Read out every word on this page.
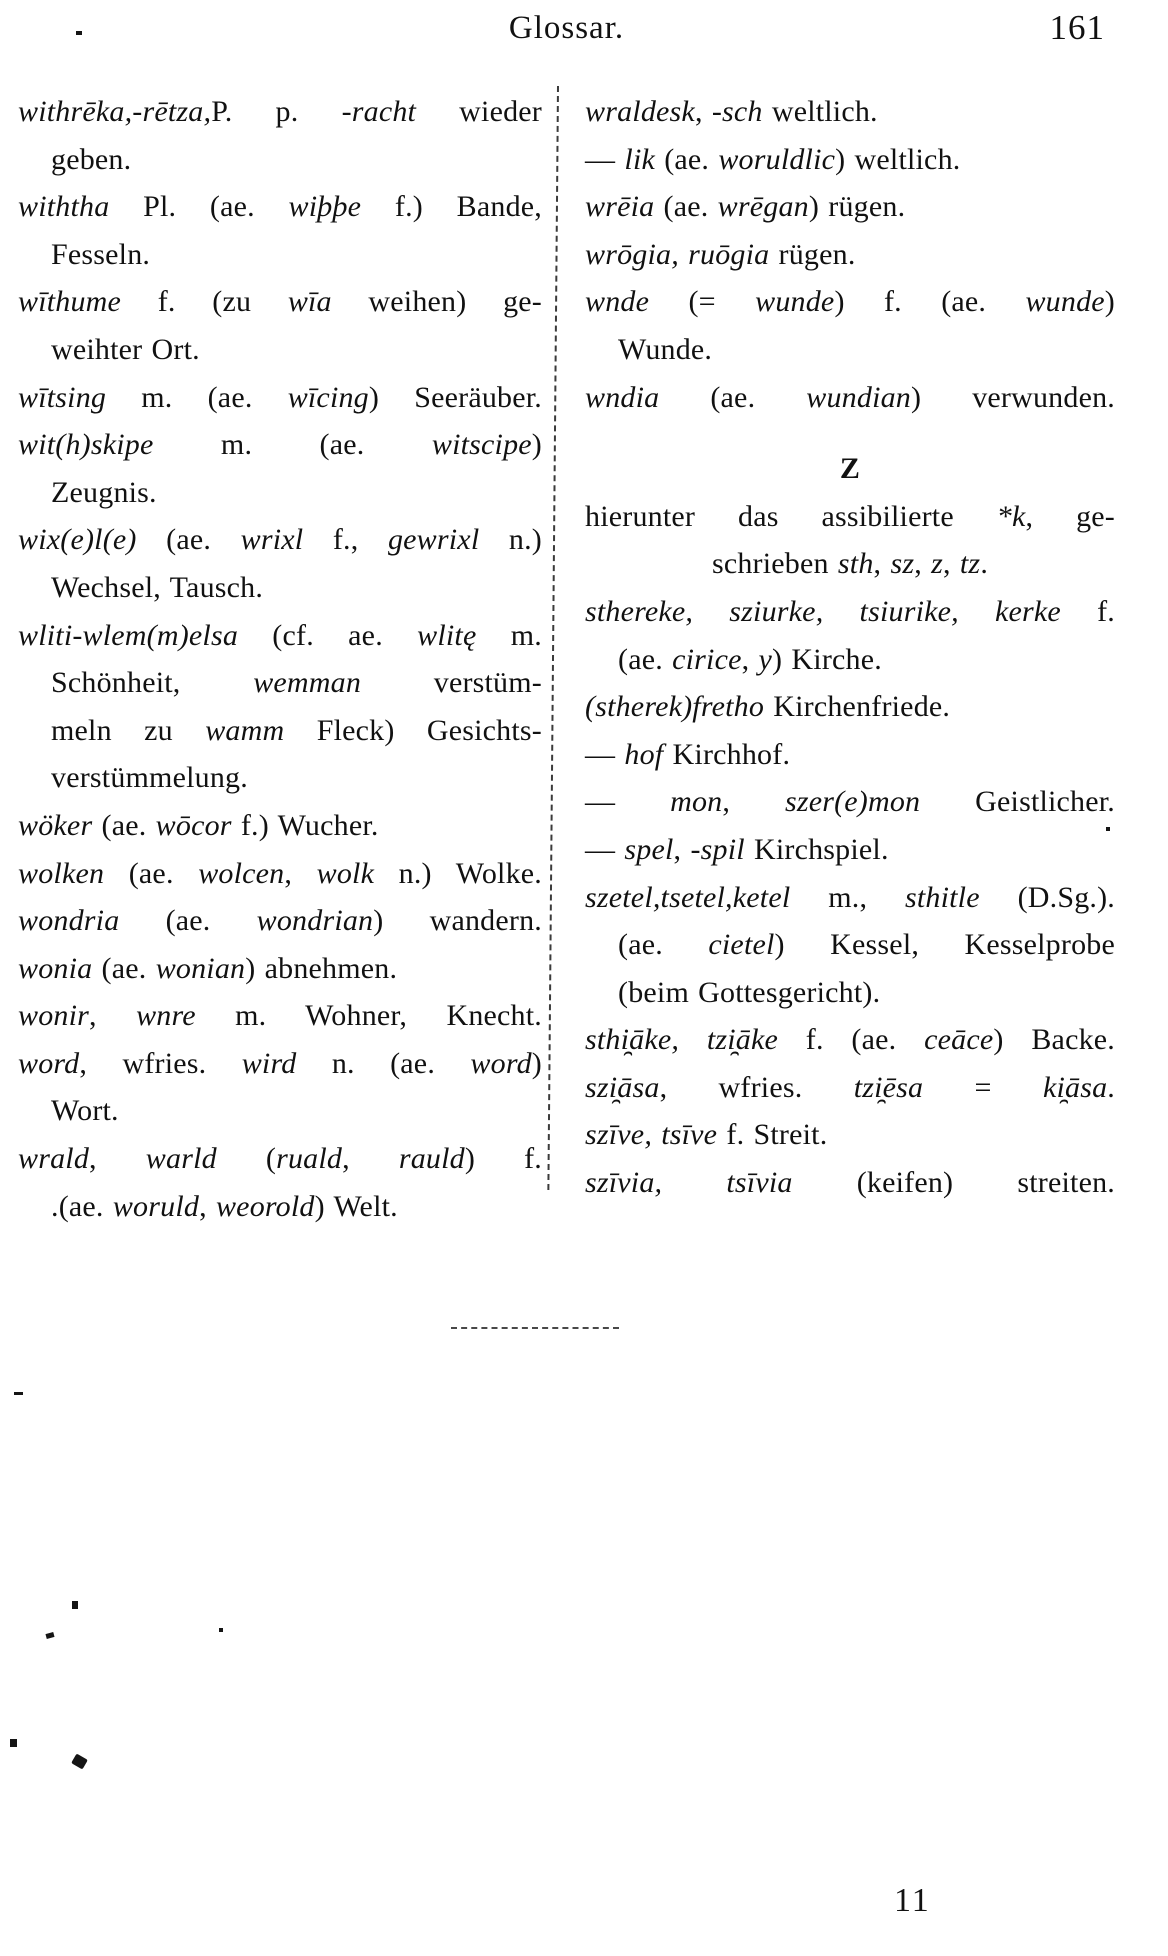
Glossar.	161
withrēka,-rētza,P. p. -racht wieder
geben.
withtha Pl. (ae. wiþþe f.) Bande,
Fesseln.
wīthume f. (zu wīa weihen) ge-
weihter Ort.
wītsing m. (ae. wīcing) Seeräuber.
wit(h)skipe m. (ae. witscipe)
Zeugnis.
wix(e)l(e) (ae. wrixl f., gewrixl n.)
Wechsel, Tausch.
wliti-wlem(m)elsa (cf. ae. wlitę m.
Schönheit, wemman verstüm-
meln zu wamm Fleck) Gesichts-
verstümmelung.
wöker (ae. wōcor f.) Wucher.
wolken (ae. wolcen, wolk n.) Wolke.
wondria (ae. wondrian) wandern.
wonia (ae. wonian) abnehmen.
wonir, wnre m. Wohner, Knecht.
word, wfries. wird n. (ae. word)
Wort.
wrald, warld (ruald, rauld) f.
.(ae. woruld, weorold) Welt.
wraldesk, -sch weltlich.
— lik (ae. woruldlic) weltlich.
wrēia (ae. wrēgan) rügen.
wrōgia, ruōgia rügen.
wnde (= wunde) f. (ae. wunde)
Wunde.
wndia (ae. wundian) verwunden.
Z
hierunter das assibilierte *k, ge-
schrieben sth, sz, z, tz.
sthereke, sziurke, tsiurike, kerke f.
(ae. cirice, y) Kirche.
(stherek)fretho Kirchenfriede.
— hof Kirchhof.
— mon, szer(e)mon Geistlicher.
— spel, -spil Kirchspiel.
szetel,tsetel,ketel m., sthitle (D.Sg.).
(ae. cietel) Kessel, Kesselprobe
(beim Gottesgericht).
sthi̯āke, tzi̯āke f. (ae. ceāce) Backe.
szi̯āsa, wfries. tzi̯ēsa = ki̯āsa.
szīve, tsīve f. Streit.
szīvia, tsīvia (keifen) streiten.
11
